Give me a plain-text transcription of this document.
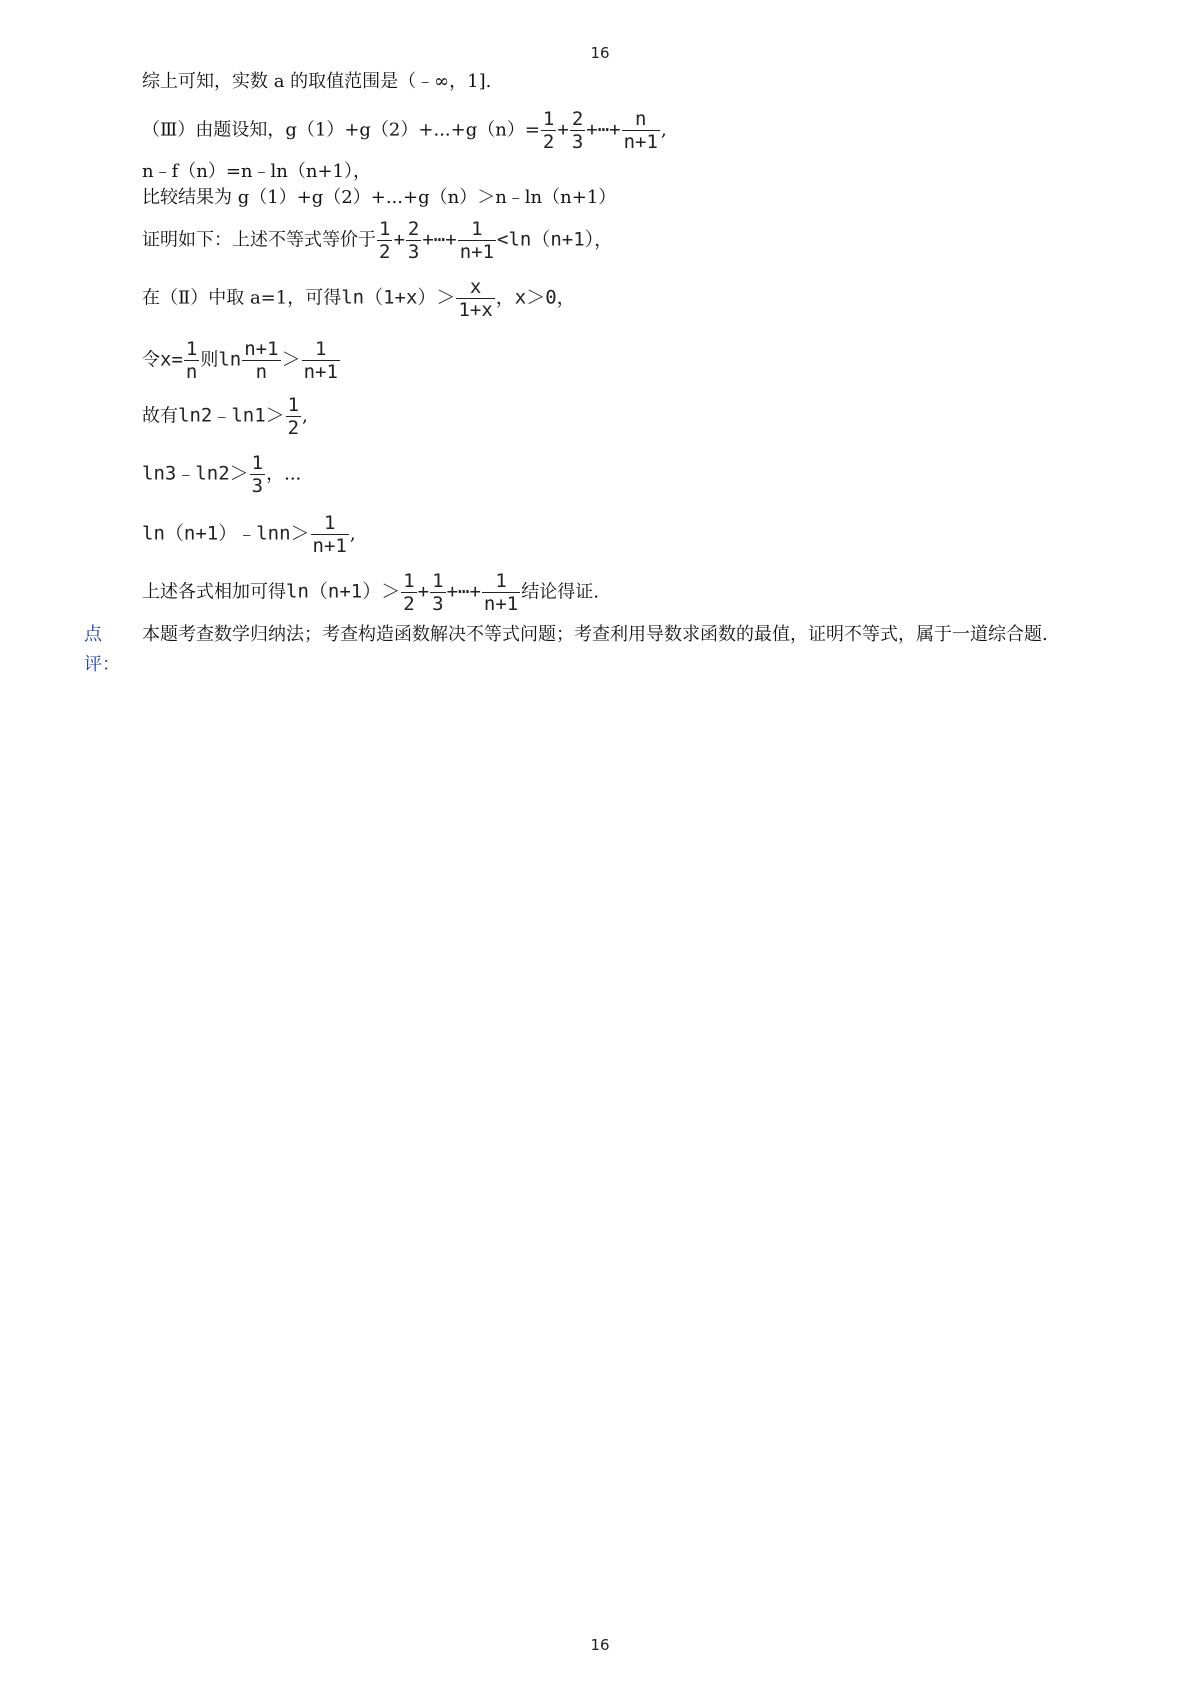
16
综上可知，实数 a 的取值范围是（﹣∞，1].
（Ⅲ）由题设知，$g(1)+g(2)+...+g(n)= \frac{1}{2} + \frac{2}{3}$ +⋯+ $\frac{n}{n+1}$ ,
n﹣f（n）=n﹣ln（n+1），
比较结果为 g（1）+g（2）+...+g（n）＞n﹣ln（n+1）
证明如下：上述不等式等价于 $\frac{1}{2} + \frac{2}{3}$ +⋯+ $\frac{1}{n+1} <\ln(n+1)$，
在（Ⅱ）中取 a=1，可得$\ln(1+x)> \frac{x}{1+x}$ ，x＞0，
令$x= \frac{1}{n}$ 则$\ln \frac{n+1}{n} > \frac{1}{n+1}$
故有ln2﹣ln1＞ $\frac{1}{2}$ ,
ln3﹣ln2＞ $\frac{1}{3}$ ，...
ln（n+1）﹣lnn＞ $\frac{1}{n+1}$ ,
上述各式相加可得$\ln(n+1)> \frac{1}{2} + \frac{1}{3}$ +⋯+ $\frac{1}{n+1}$ 结论得证.
点评：
本题考查数学归纳法；考查构造函数解决不等式问题；考查利用导数求函数的最值，证明不等式，属于一道综合题.
16
